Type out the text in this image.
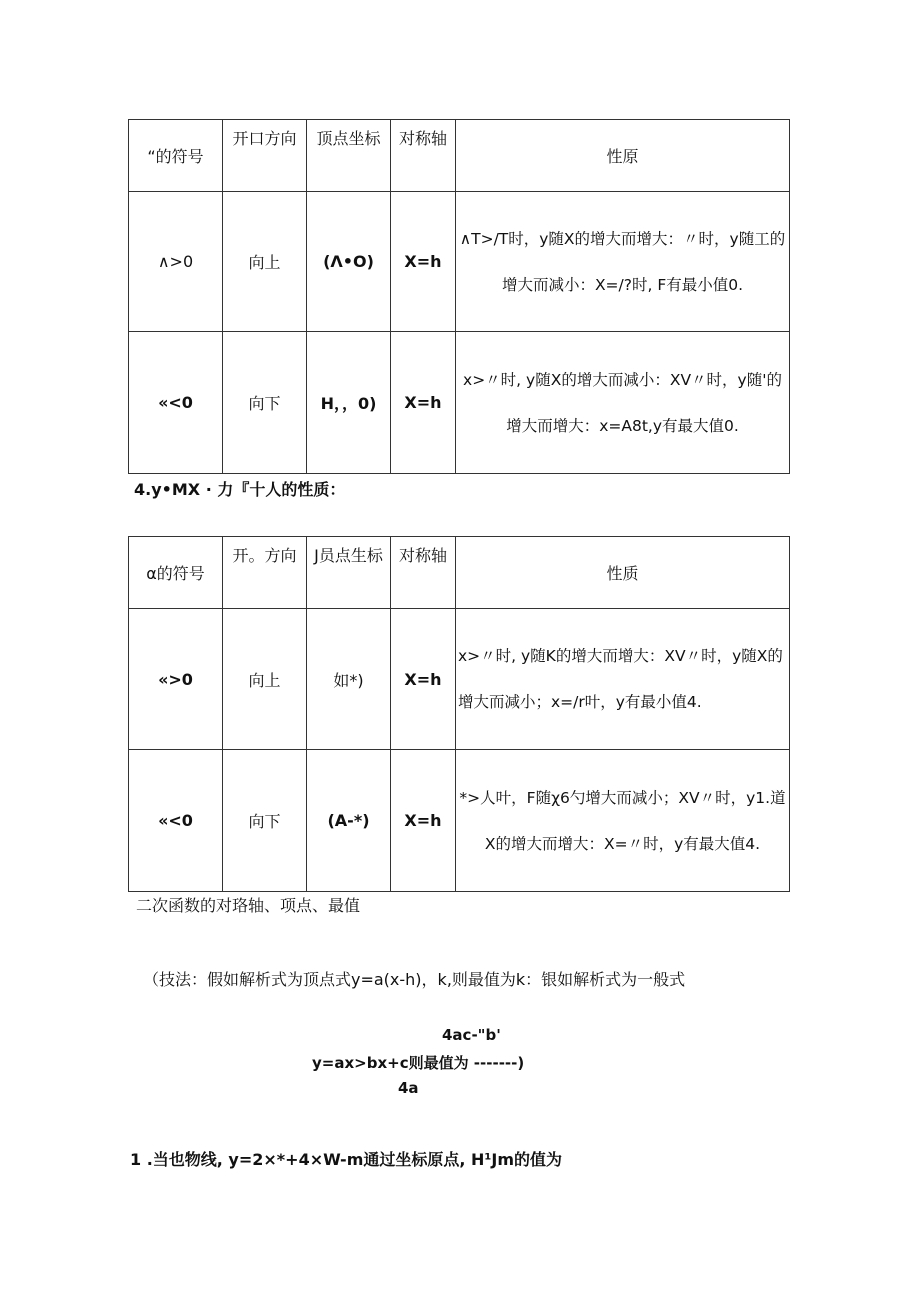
“的符号	开口方向	顶点坐标	对称轴	性原
∧>0	向上	(Λ•O)	X=h	∧T>/T时，y随X的增大而增大：〃时，y随工的增大而减小：X=/?时, F有最小值0.
«<0	向下	H，，0)	X=h	x>〃时, y随X的增大而减小：XV〃时，y随'的增大而增大：x=A8t,y有最大值0.
4.y•MX · 力『十人的性质：
α的符号	开。方向	J员点生标	对称轴	性质
«>0	向上	如*)	X=h	x>〃时, y随K的增大而增大：XV〃时，y随X的增大而减小；x=/r叶，y有最小值4.
«<0	向下	(A-*)	X=h	*>人叶，F随χ6勺增大而减小；XV〃时，y1.道X的增大而增大：X=〃时，y有最大值4.
二次函数的对珞轴、项点、最值
（技法：假如解析式为顶点式y=a(x-h)，k,则最值为k：银如解析式为一般式
4ac-"b'
y=ax>bx+c则最值为 -------)
4a
1 .当也物线, y=2×*+4×W-m通过坐标原点, H¹Jm的值为
